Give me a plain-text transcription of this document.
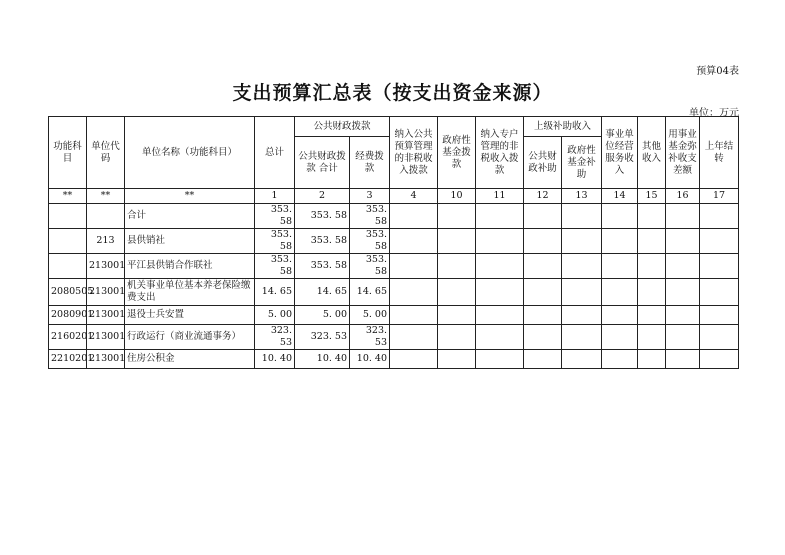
预算04表
支出预算汇总表（按支出资金来源）
单位：万元
功能科目	单位代码	单位名称（功能科目）	总计	公共财政拨款		纳入公共预算管理的非税收入拨款	政府性基金拨款	纳入专户管理的非税收入拨款	上级补助收入		事业单位经营服务收入	其他收入	用事业基金弥补收支差额	上年结转
				公共财政拨款 合计	经费拨款				公共财政补助	政府性基金补助				
**	**	**	1	2	3	4	10	11	12	13	14	15	16	17
		合计	353. 58	353. 58	353. 58									
	213	县供销社	353. 58	353. 58	353. 58									
	213001	平江县供销合作联社	353. 58	353. 58	353. 58									
2080505	213001	机关事业单位基本养老保险缴费支出	14. 65	14. 65	14. 65									
2080901	213001	退役士兵安置	5. 00	5. 00	5. 00									
2160201	213001	行政运行（商业流通事务）	323. 53	323. 53	323. 53									
2210201	213001	住房公积金	10. 40	10. 40	10. 40									
